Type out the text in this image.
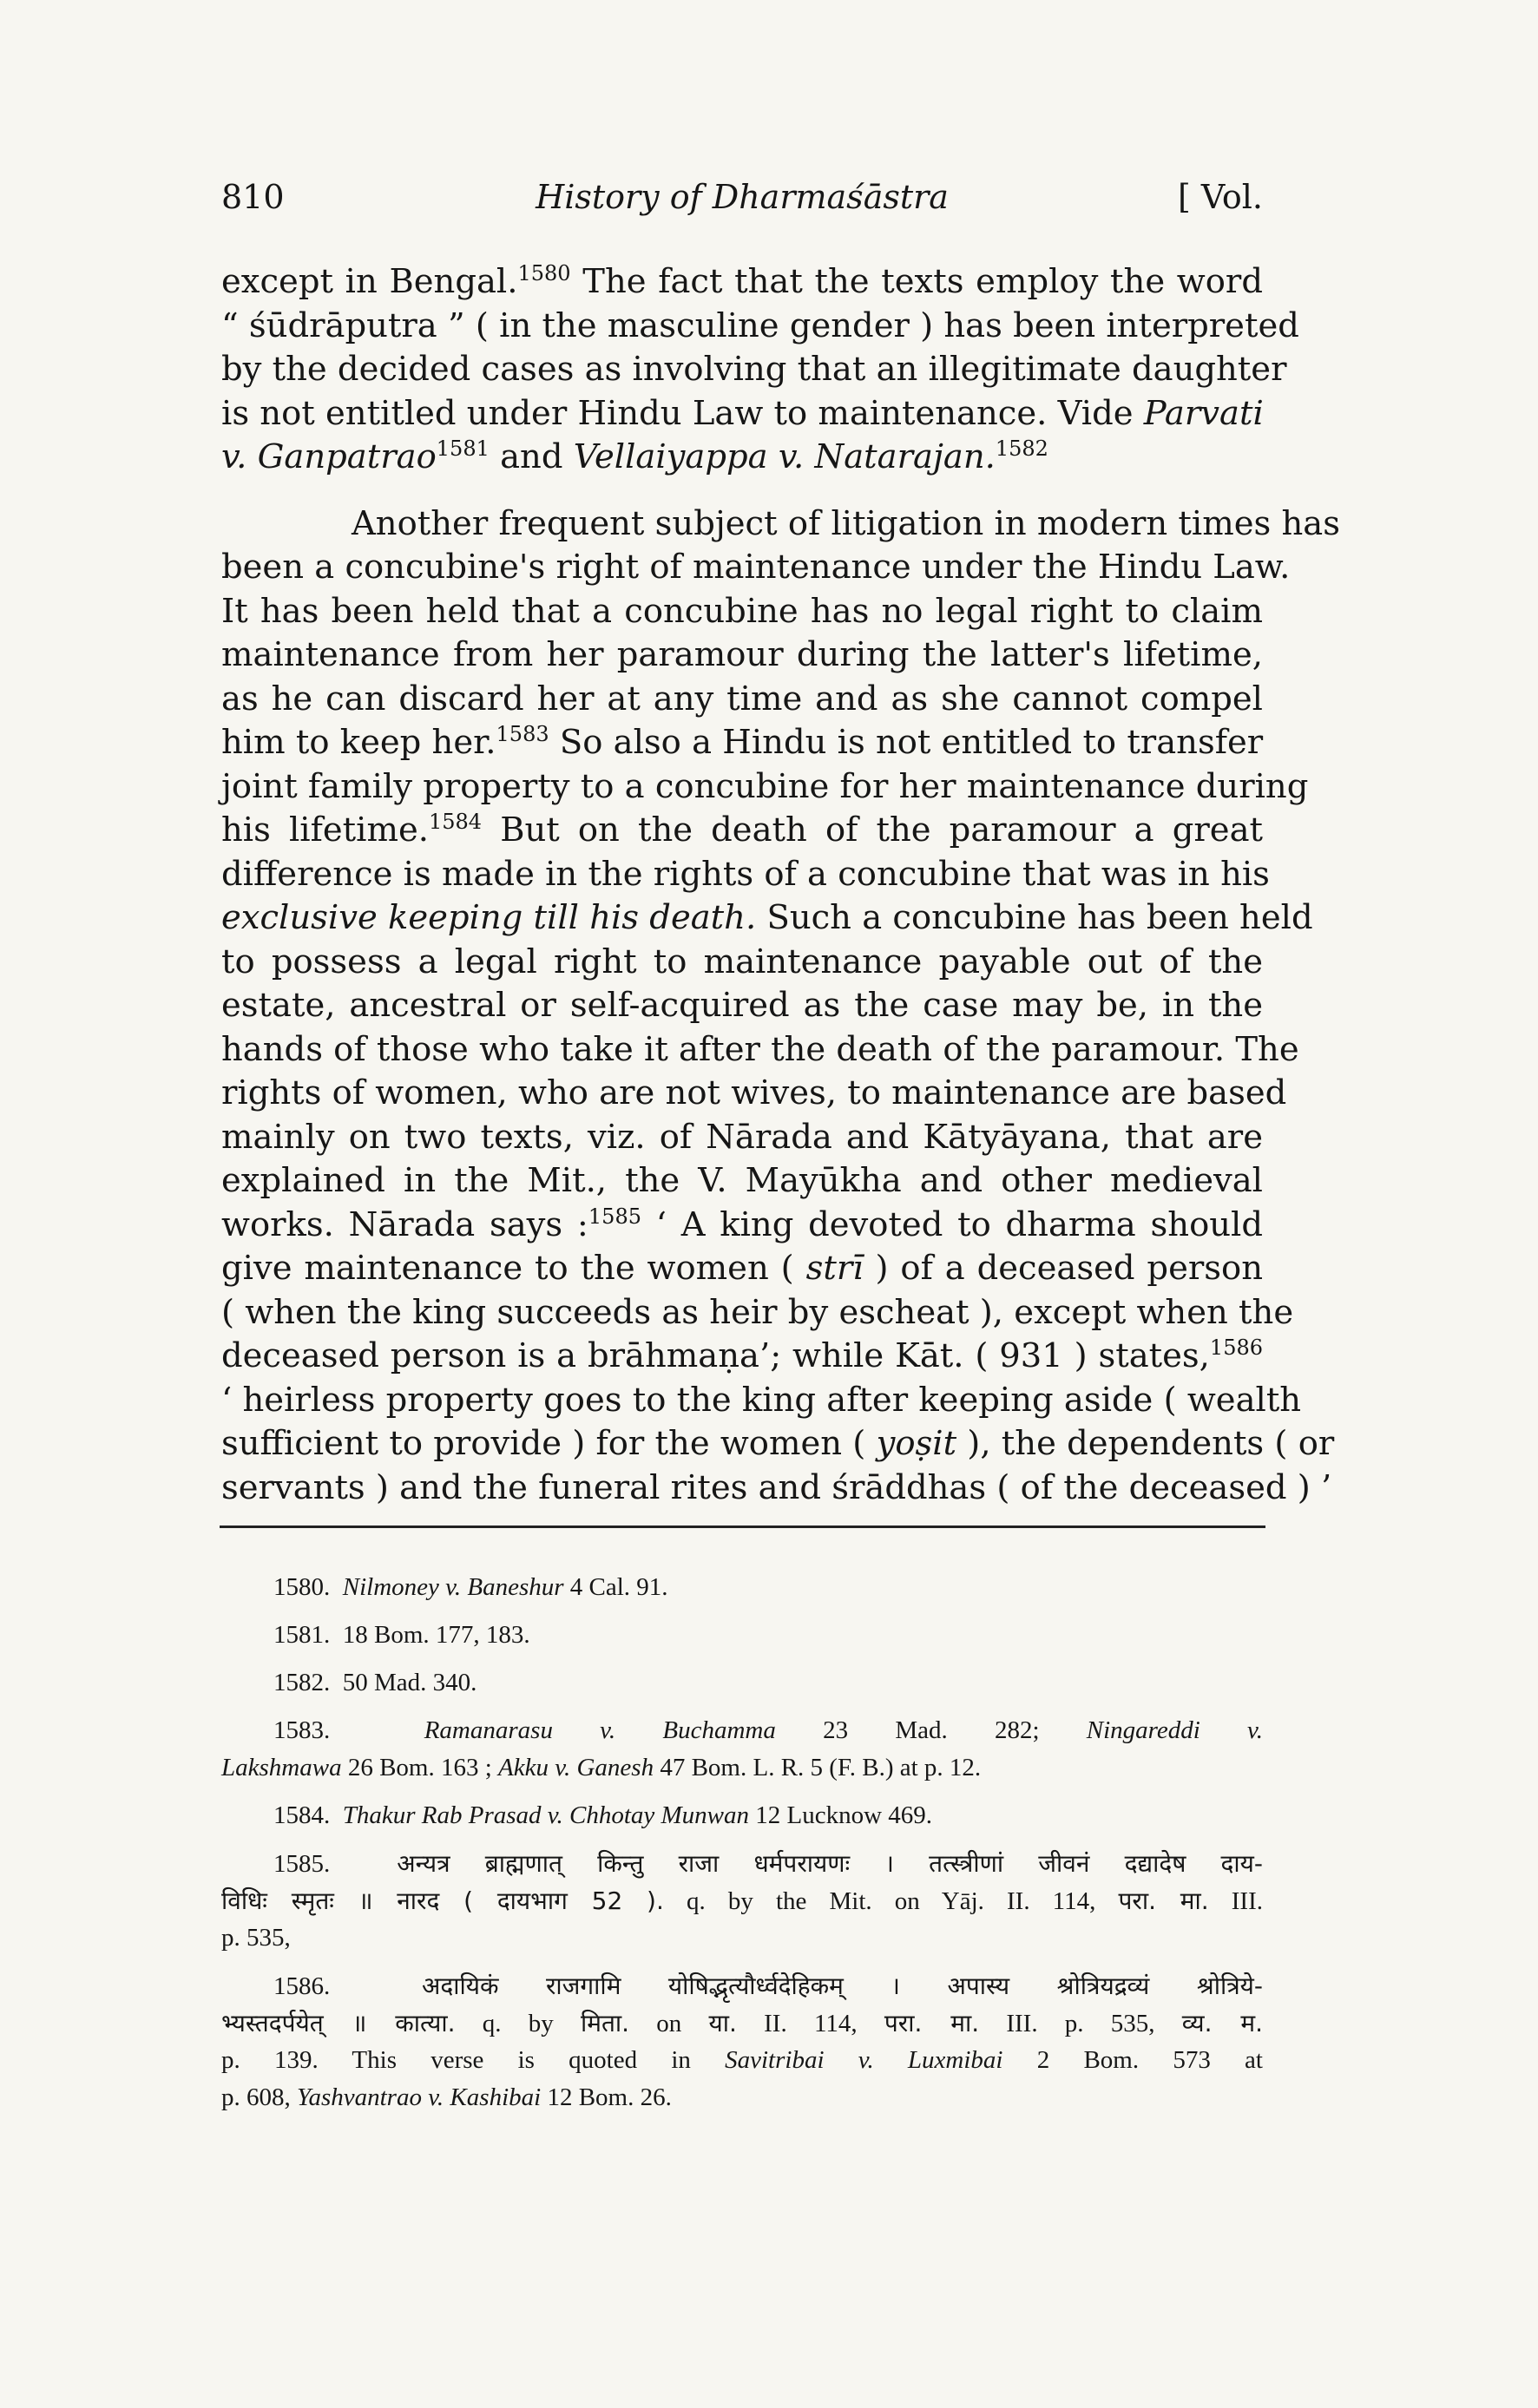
810	History of Dharmaśāstra	[ Vol.
except in Bengal.$^{1580}$ The fact that the texts employ the word
“ śūdrāputra ” ( in the masculine gender ) has been interpreted
by the decided cases as involving that an illegitimate daughter
is not entitled under Hindu Law to maintenance. Vide Parvati
v. Ganpatrao$^{1581}$ and Vellaiyappa v. Natarajan.$^{1582}$
Another frequent subject of litigation in modern times has
been a concubine's right of maintenance under the Hindu Law.
It has been held that a concubine has no legal right to claim
maintenance from her paramour during the latter's lifetime,
as he can discard her at any time and as she cannot compel
him to keep her.$^{1583}$ So also a Hindu is not entitled to transfer
joint family property to a concubine for her maintenance during
his lifetime.$^{1584}$ But on the death of the paramour a great
difference is made in the rights of a concubine that was in his
exclusive keeping till his death. Such a concubine has been held
to possess a legal right to maintenance payable out of the
estate, ancestral or self-acquired as the case may be, in the
hands of those who take it after the death of the paramour. The
rights of women, who are not wives, to maintenance are based
mainly on two texts, viz. of Nārada and Kātyāyana, that are
explained in the Mit., the V. Mayūkha and other medieval
works. Nārada says :$^{1585}$ ‘ A king devoted to dharma should
give maintenance to the women ( strī ) of a deceased person
( when the king succeeds as heir by escheat ), except when the
deceased person is a brāhmaṇa’; while Kāt. ( 931 ) states,$^{1586}$
‘ heirless property goes to the king after keeping aside ( wealth
sufficient to provide ) for the women ( yoṣit ), the dependents ( or
servants ) and the funeral rites and śrāddhas ( of the deceased ) ’
1580. Nilmoney v. Baneshur 4 Cal. 91.
1581. 18 Bom. 177, 183.
1582. 50 Mad. 340.
1583.	Ramanarasu v. Buchamma 23 Mad. 282; Ningareddi v.
Lakshmawa 26 Bom. 163 ; Akku v. Ganesh 47 Bom. L. R. 5 (F. B.) at p. 12.
1584. Thakur Rab Prasad v. Chhotay Munwan 12 Lucknow 469.
1585.	अन्यत्र ब्राह्मणात् किन्तु राजा धर्मपरायणः । तत्स्त्रीणां जीवनं दद्यादेष दाय-
विधिः स्मृतः ॥ नारद ( दायभाग 52 ). q. by the Mit. on Yāj. II. 114, परा. मा. III.
p. 535,
1586.	अदायिकं राजगामि योषिद्भृत्यौर्ध्वदेहिकम् । अपास्य श्रोत्रियद्रव्यं श्रोत्रिये-
भ्यस्तदर्पयेत् ॥ कात्या. q. by मिता. on या. II. 114, परा. मा. III. p. 535, व्य. म.
p. 139. This verse is quoted in Savitribai v. Luxmibai 2 Bom. 573 at
p. 608, Yashvantrao v. Kashibai 12 Bom. 26.
